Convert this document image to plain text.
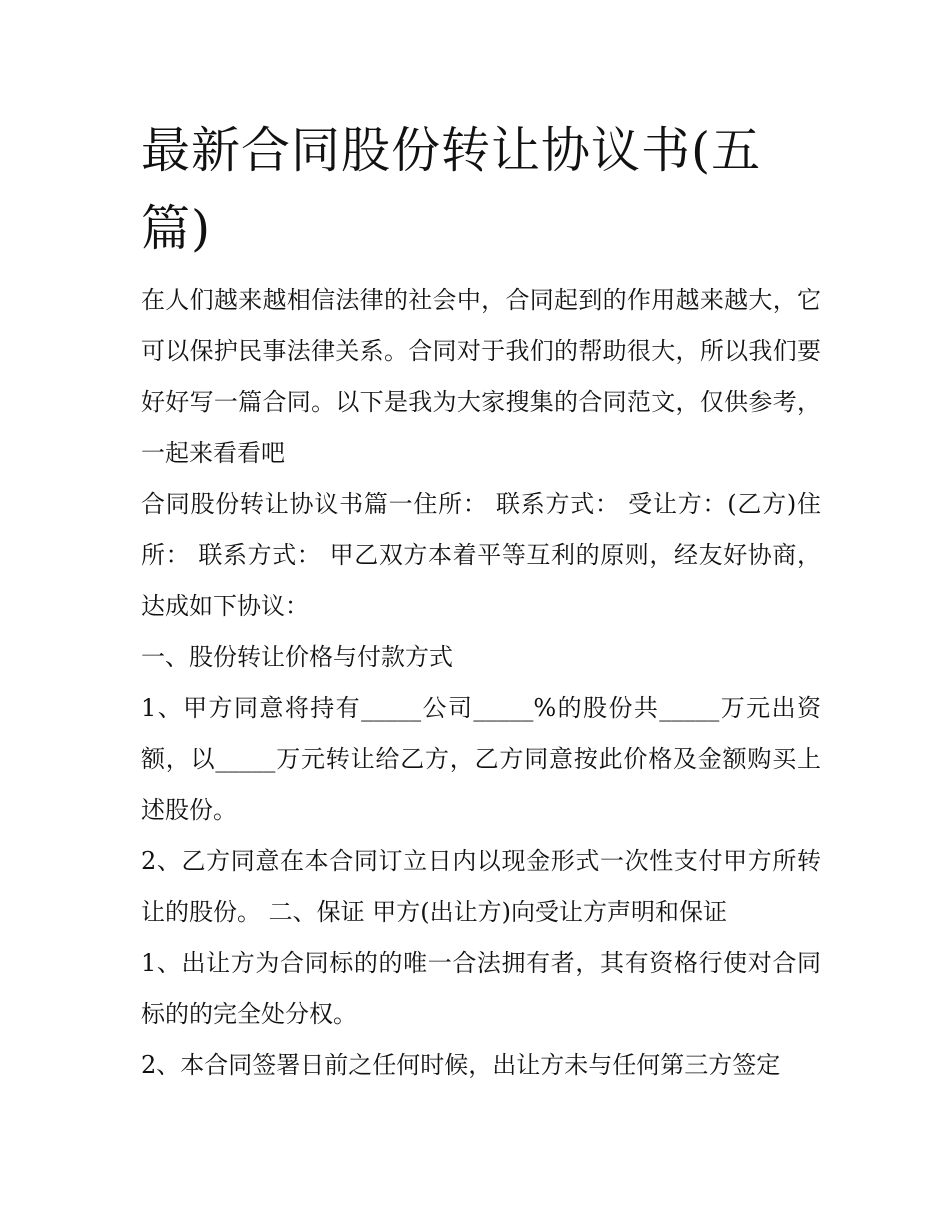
最新合同股份转让协议书(五篇)

在人们越来越相信法律的社会中，合同起到的作用越来越大，它可以保护民事法律关系。合同对于我们的帮助很大，所以我们要好好写一篇合同。以下是我为大家搜集的合同范文，仅供参考，一起来看看吧

合同股份转让协议书篇一住所： 联系方式： 受让方：(乙方)住所： 联系方式： 甲乙双方本着平等互利的原则，经友好协商，达成如下协议：

一、股份转让价格与付款方式

1、甲方同意将持有_____公司_____%的股份共_____万元出资额，以_____万元转让给乙方，乙方同意按此价格及金额购买上述股份。

2、乙方同意在本合同订立日内以现金形式一次性支付甲方所转让的股份。 二、保证 甲方(出让方)向受让方声明和保证

1、出让方为合同标的的唯一合法拥有者，其有资格行使对合同标的的完全处分权。

2、本合同签署日前之任何时候，出让方未与任何第三方签定
